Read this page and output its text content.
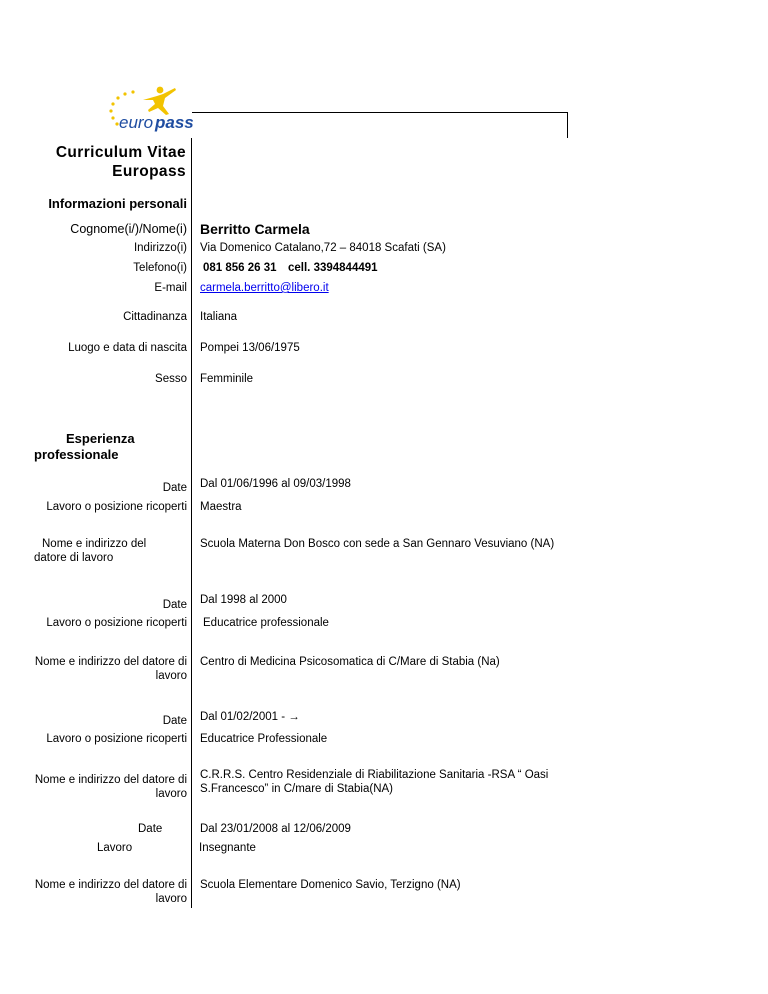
euro pass
Curriculum Vitae
Europass
Informazioni personali
Cognome(i/)/Nome(i) Berritto Carmela
Indirizzo(i) Via Domenico Catalano,72 – 84018 Scafati (SA)
Telefono(i) 081 856 26 31 cell. 3394844491
E-mail carmela.berritto@libero.it
Cittadinanza Italiana
Luogo e data di nascita Pompei 13/06/1975
Sesso Femminile
Esperienza
professionale
Date Dal 01/06/1996 al 09/03/1998
Lavoro o posizione ricoperti Maestra
Nome e indirizzo del
datore di lavoro
Scuola Materna Don Bosco con sede a San Gennaro Vesuviano (NA)
Date Dal 1998 al 2000
Lavoro o posizione ricoperti Educatrice professionale
Nome e indirizzo del datore di
lavoro
Centro di Medicina Psicosomatica di C/Mare di Stabia (Na)
Date Dal 01/02/2001 - →
Lavoro o posizione ricoperti Educatrice Professionale
Nome e indirizzo del datore di
lavoro
C.R.R.S. Centro Residenziale di Riabilitazione Sanitaria -RSA “ Oasi
S.Francesco” in C/mare di Stabia(NA)
Date	Dal 23/01/2008 al 12/06/2009
Lavoro	Insegnante
Nome e indirizzo del datore di
lavoro
Scuola Elementare Domenico Savio, Terzigno (NA)
